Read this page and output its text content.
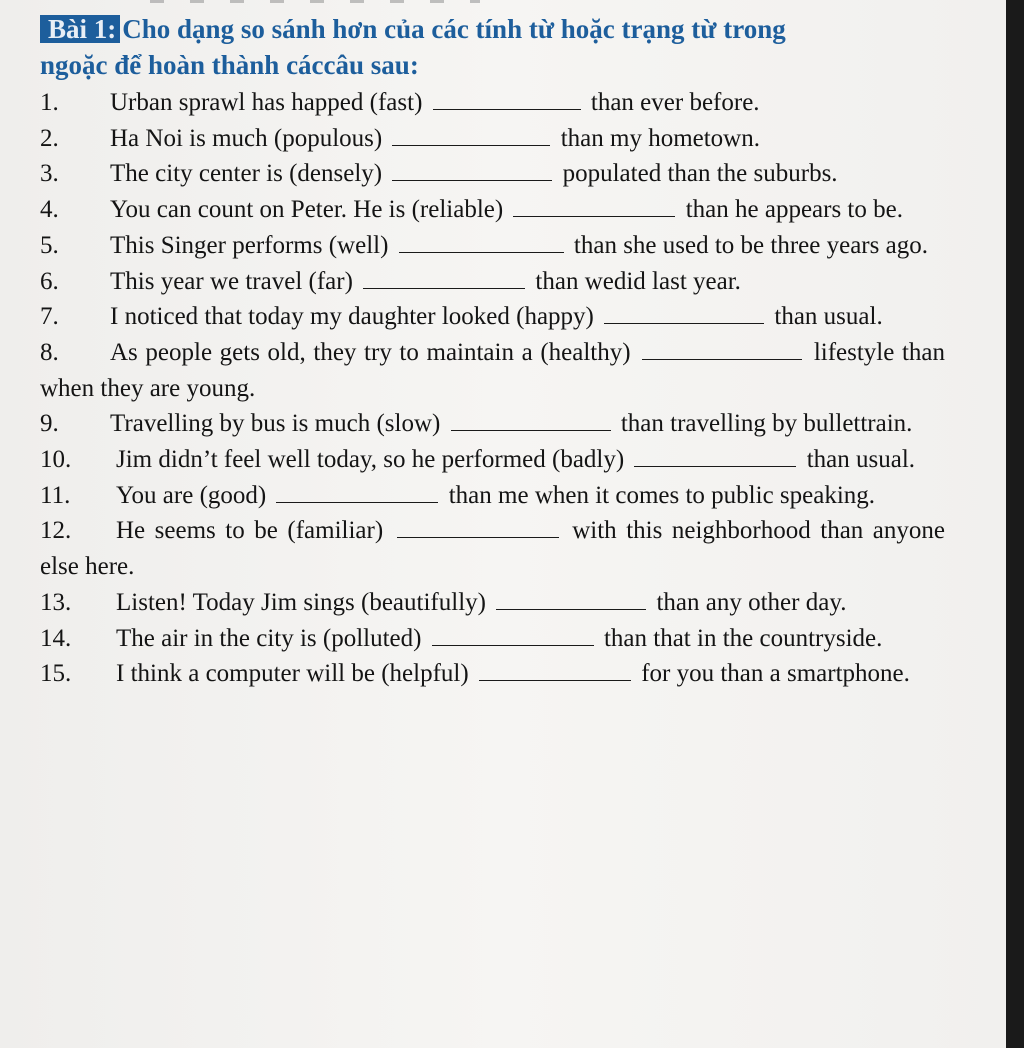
Bài 1: Cho dạng so sánh hơn của các tính từ hoặc trạng từ trong
ngoặc để hoàn thành cáccâu sau:
1. Urban sprawl has happed (fast)	than ever before.
2. Ha Noi is much (populous)	than my hometown.
3. The city center is (densely)	populated than the suburbs.
4. You can count on Peter. He is (reliable)	than he appears to be.
5. This Singer performs (well)	than she used to be three years ago.
6. This year we travel (far)	than wedid last year.
7. I noticed that today my daughter looked (happy)	than usual.
8. As people gets old, they try to maintain a (healthy)	lifestyle than when they are young.
9. Travelling by bus is much (slow)	than travelling by bullettrain.
10. Jim didn’t feel well today, so he performed (badly)	than usual.
11. You are (good)	than me when it comes to public speaking.
12. He seems to be (familiar)	with this neighborhood than anyone else here.
13. Listen! Today Jim sings (beautifully)	than any other day.
14. The air in the city is (polluted)	than that in the countryside.
15. I think a computer will be (helpful)	for you than a smartphone.
